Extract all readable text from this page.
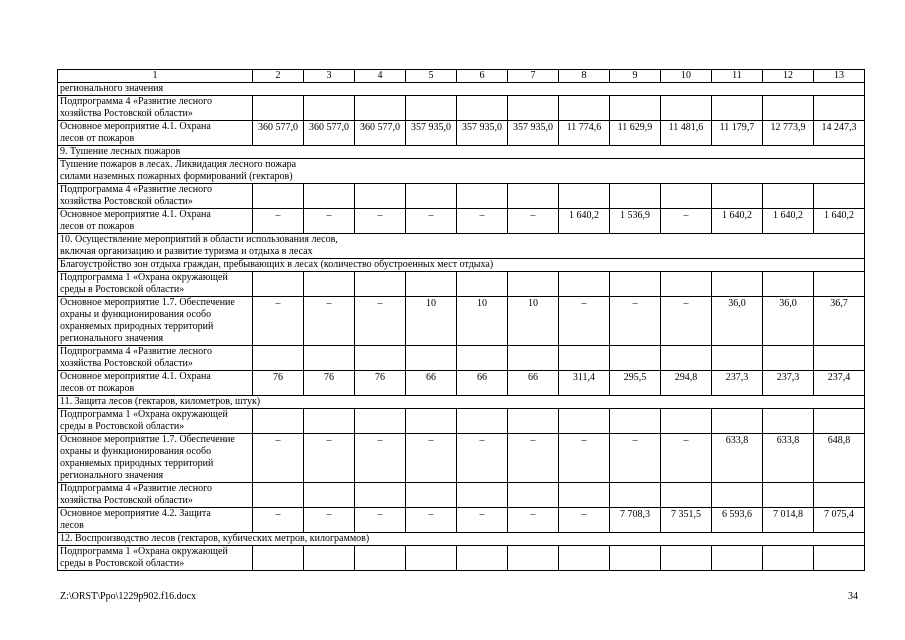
1	2	3	4	5	6	7	8	9	10	11	12	13

регионального значения												

Подпрограмма 4 «Развитие лесного
хозяйства Ростовской области»												

Основное мероприятие 4.1. Охрана
лесов от пожаров	360 577,0	360 577,0	360 577,0	357 935,0	357 935,0	357 935,0	11 774,6	11 629,9	11 481,6	11 179,7	12 773,9	14 247,3

9. Тушение лесных пожаров												

Тушение пожаров в лесах. Ликвидация лесного пожара
силами наземных пожарных формирований (гектаров)												

Подпрограмма 4 «Развитие лесного
хозяйства Ростовской области»												

Основное мероприятие 4.1. Охрана
лесов от пожаров	–	–	–	–	–	–	1 640,2	1 536,9	–	1 640,2	1 640,2	1 640,2

10. Осуществление мероприятий в области использования лесов,
включая организацию и развитие туризма и отдыха в лесах												

Благоустройство зон отдыха граждан, пребывающих в лесах (количество обустроенных мест отдыха)												

Подпрограмма 1 «Охрана окружающей
среды в Ростовской области»												

Основное мероприятие 1.7. Обеспечение
охраны и функционирования особо
охраняемых природных территорий
регионального значения	–	–	–	10	10	10	–	–	–	36,0	36,0	36,7

Подпрограмма 4 «Развитие лесного
хозяйства Ростовской области»												

Основное мероприятие 4.1. Охрана
лесов от пожаров	76	76	76	66	66	66	311,4	295,5	294,8	237,3	237,3	237,4

11. Защита лесов (гектаров, километров, штук)												

Подпрограмма 1 «Охрана окружающей
среды в Ростовской области»												

Основное мероприятие 1.7. Обеспечение
охраны и функционирования особо
охраняемых природных территорий
регионального значения	–	–	–	–	–	–	–	–	–	633,8	633,8	648,8

Подпрограмма 4 «Развитие лесного
хозяйства Ростовской области»												

Основное мероприятие 4.2. Защита
лесов	–	–	–	–	–	–	–	7 708,3	7 351,5	6 593,6	7 014,8	7 075,4

12. Воспроизводство лесов (гектаров, кубических метров, килограммов)												

Подпрограмма 1 «Охрана окружающей
среды в Ростовской области»												

Z:\ORST\Ppo\1229p902.f16.docx	34
